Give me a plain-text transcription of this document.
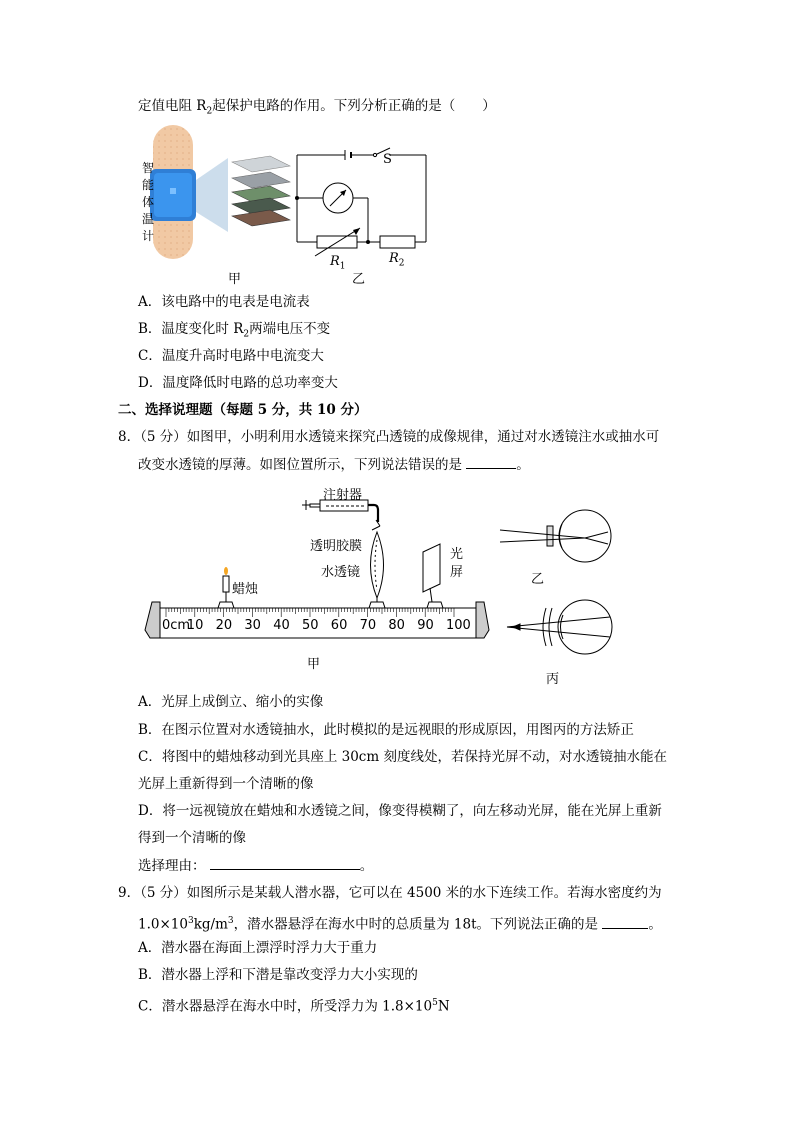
定值电阻 $R_2$起保护电路的作用。下列分析正确的是（　　）
智
能
体
温
计
甲
S
$R_1$
$R_2$
乙
A．该电路中的电表是电流表
B．温度变化时 $R_2$两端电压不变
C．温度升高时电路中电流变大
D．温度降低时电路的总功率变大
二、选择说理题（每题 5 分，共 10 分）
8．（5 分）如图甲，小明利用水透镜来探究凸透镜的成像规律，通过对水透镜注水或抽水可
改变水透镜的厚薄。如图位置所示，下列说法错误的是	。
0cm
10 20 30 40 50 60 70 80 90 100
注射器
透明胶膜
水透镜
蜡烛
光
屏
甲
乙
丙
A．光屏上成倒立、缩小的实像
B．在图示位置对水透镜抽水，此时模拟的是远视眼的形成原因，用图丙的方法矫正
C．将图中的蜡烛移动到光具座上 30cm 刻度线处，若保持光屏不动，对水透镜抽水能在
光屏上重新得到一个清晰的像
D．将一远视镜放在蜡烛和水透镜之间，像变得模糊了，向左移动光屏，能在光屏上重新
得到一个清晰的像
选择理由：	。
9．（5 分）如图所示是某载人潜水器，它可以在 4500 米的水下连续工作。若海水密度约为
$1.0\times 10^3kg/m^3$，潜水器悬浮在海水中时的总质量为 18t。下列说法正确的是	。
A．潜水器在海面上漂浮时浮力大于重力
B．潜水器上浮和下潜是靠改变浮力大小实现的
C．潜水器悬浮在海水中时，所受浮力为 $1.8\times 10^5N$
